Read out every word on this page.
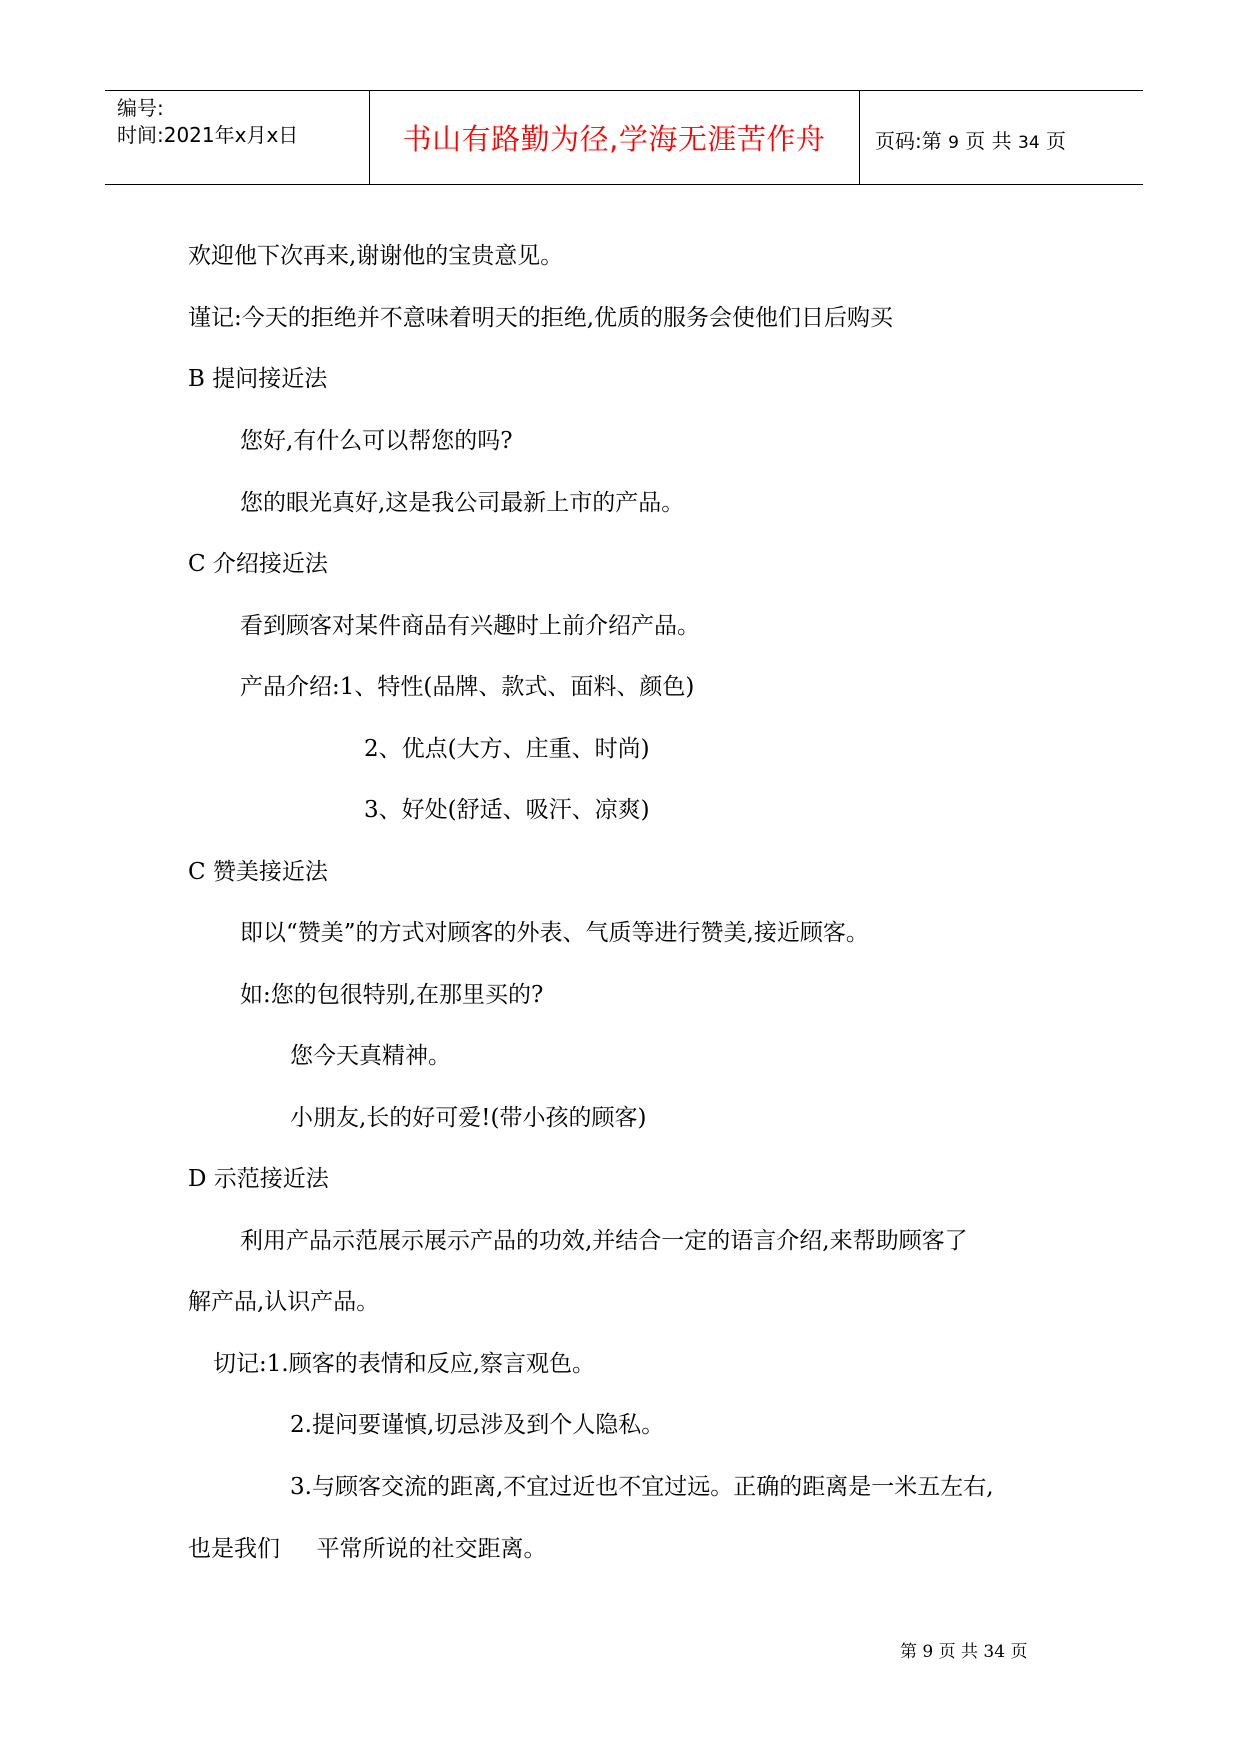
编号:
时间:2021年x月x日	书山有路勤为径,学海无涯苦作舟	页码:第 9 页 共 34 页
欢迎他下次再来,谢谢他的宝贵意见。
谨记:今天的拒绝并不意味着明天的拒绝,优质的服务会使他们日后购买
B 提问接近法
您好,有什么可以帮您的吗?
您的眼光真好,这是我公司最新上市的产品。
C 介绍接近法
看到顾客对某件商品有兴趣时上前介绍产品。
产品介绍:1、特性(品牌、款式、面料、颜色)
2、优点(大方、庄重、时尚)
3、好处(舒适、吸汗、凉爽)
C 赞美接近法
即以“赞美”的方式对顾客的外表、气质等进行赞美,接近顾客。
如:您的包很特别,在那里买的?
您今天真精神。
小朋友,长的好可爱!(带小孩的顾客)
D 示范接近法
利用产品示范展示展示产品的功效,并结合一定的语言介绍,来帮助顾客了
解产品,认识产品。
切记:1.顾客的表情和反应,察言观色。
2.提问要谨慎,切忌涉及到个人隐私。
3.与顾客交流的距离,不宜过近也不宜过远。正确的距离是一米五左右,
也是我们     平常所说的社交距离。
第 9 页 共 34 页
